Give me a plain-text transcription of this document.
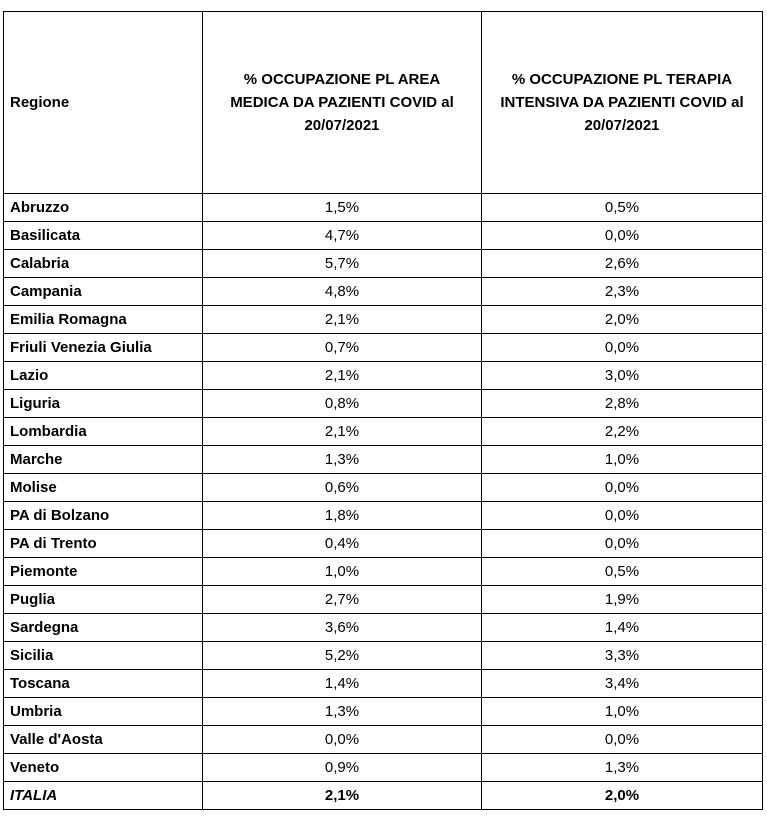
Regione	% OCCUPAZIONE PL AREA MEDICA DA PAZIENTI COVID al 20/07/2021	% OCCUPAZIONE PL TERAPIA INTENSIVA DA PAZIENTI COVID al 20/07/2021
Abruzzo	1,5%	0,5%
Basilicata	4,7%	0,0%
Calabria	5,7%	2,6%
Campania	4,8%	2,3%
Emilia Romagna	2,1%	2,0%
Friuli Venezia Giulia	0,7%	0,0%
Lazio	2,1%	3,0%
Liguria	0,8%	2,8%
Lombardia	2,1%	2,2%
Marche	1,3%	1,0%
Molise	0,6%	0,0%
PA di Bolzano	1,8%	0,0%
PA di Trento	0,4%	0,0%
Piemonte	1,0%	0,5%
Puglia	2,7%	1,9%
Sardegna	3,6%	1,4%
Sicilia	5,2%	3,3%
Toscana	1,4%	3,4%
Umbria	1,3%	1,0%
Valle d'Aosta	0,0%	0,0%
Veneto	0,9%	1,3%
ITALIA	2,1%	2,0%
